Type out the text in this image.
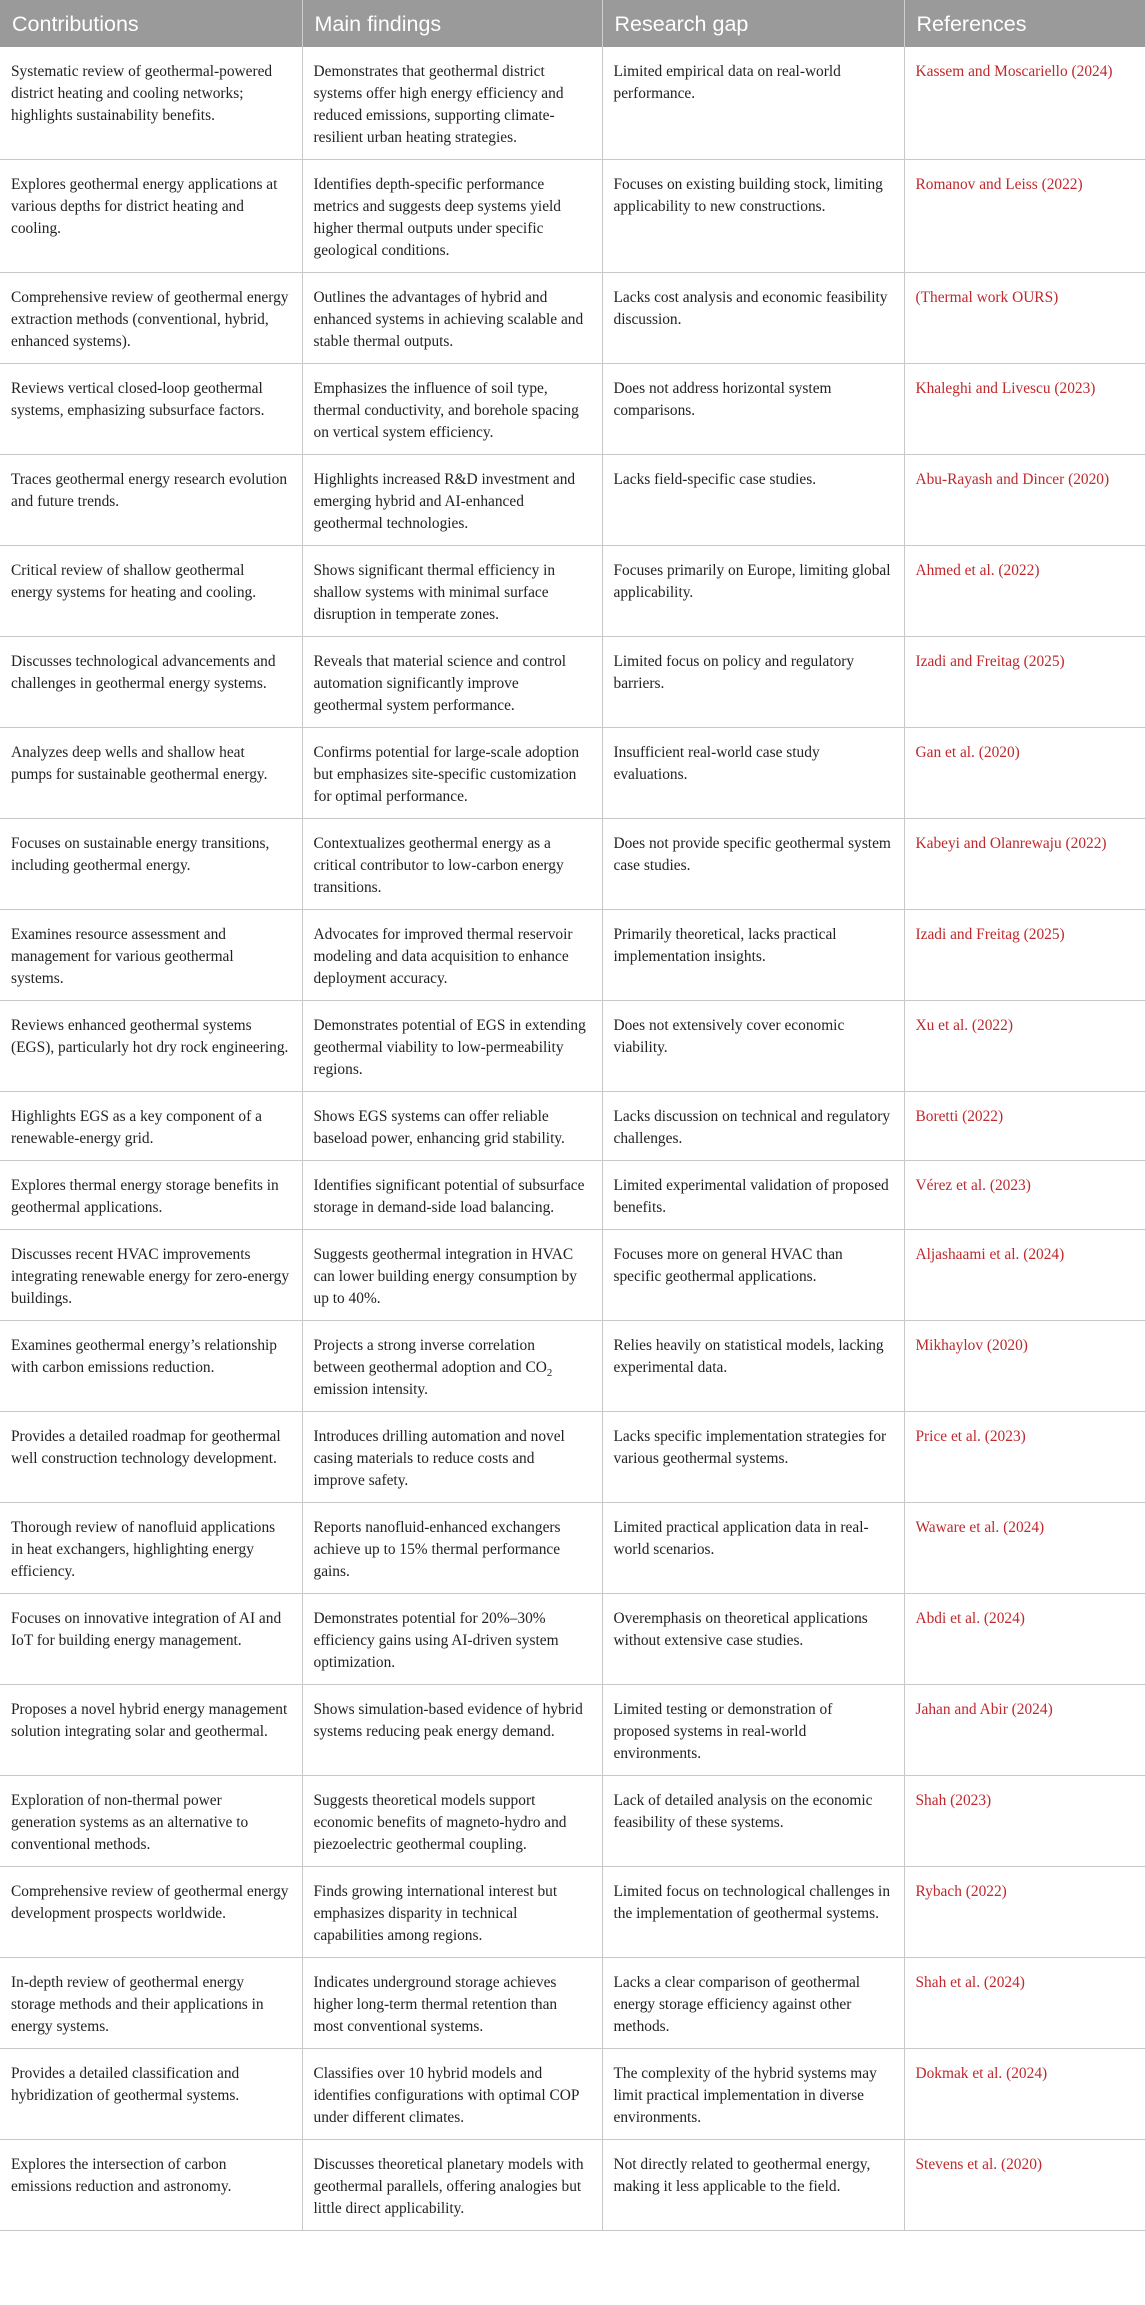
Contributions	Main findings	Research gap	References
Systematic review of geothermal-powered district heating and cooling networks; highlights sustainability benefits.	Demonstrates that geothermal district systems offer high energy efficiency and reduced emissions, supporting climate-resilient urban heating strategies.	Limited empirical data on real-world performance.	Kassem and Moscariello (2024)
Explores geothermal energy applications at various depths for district heating and cooling.	Identifies depth-specific performance metrics and suggests deep systems yield higher thermal outputs under specific geological conditions.	Focuses on existing building stock, limiting applicability to new constructions.	Romanov and Leiss (2022)
Comprehensive review of geothermal energy extraction methods (conventional, hybrid, enhanced systems).	Outlines the advantages of hybrid and enhanced systems in achieving scalable and stable thermal outputs.	Lacks cost analysis and economic feasibility discussion.	(Thermal work OURS)
Reviews vertical closed-loop geothermal systems, emphasizing subsurface factors.	Emphasizes the influence of soil type, thermal conductivity, and borehole spacing on vertical system efficiency.	Does not address horizontal system comparisons.	Khaleghi and Livescu (2023)
Traces geothermal energy research evolution and future trends.	Highlights increased R&D investment and emerging hybrid and AI-enhanced geothermal technologies.	Lacks field-specific case studies.	Abu-Rayash and Dincer (2020)
Critical review of shallow geothermal energy systems for heating and cooling.	Shows significant thermal efficiency in shallow systems with minimal surface disruption in temperate zones.	Focuses primarily on Europe, limiting global applicability.	Ahmed et al. (2022)
Discusses technological advancements and challenges in geothermal energy systems.	Reveals that material science and control automation significantly improve geothermal system performance.	Limited focus on policy and regulatory barriers.	Izadi and Freitag (2025)
Analyzes deep wells and shallow heat pumps for sustainable geothermal energy.	Confirms potential for large-scale adoption but emphasizes site-specific customization for optimal performance.	Insufficient real-world case study evaluations.	Gan et al. (2020)
Focuses on sustainable energy transitions, including geothermal energy.	Contextualizes geothermal energy as a critical contributor to low-carbon energy transitions.	Does not provide specific geothermal system case studies.	Kabeyi and Olanrewaju (2022)
Examines resource assessment and management for various geothermal systems.	Advocates for improved thermal reservoir modeling and data acquisition to enhance deployment accuracy.	Primarily theoretical, lacks practical implementation insights.	Izadi and Freitag (2025)
Reviews enhanced geothermal systems (EGS), particularly hot dry rock engineering.	Demonstrates potential of EGS in extending geothermal viability to low-permeability regions.	Does not extensively cover economic viability.	Xu et al. (2022)
Highlights EGS as a key component of a renewable-energy grid.	Shows EGS systems can offer reliable baseload power, enhancing grid stability.	Lacks discussion on technical and regulatory challenges.	Boretti (2022)
Explores thermal energy storage benefits in geothermal applications.	Identifies significant potential of subsurface storage in demand-side load balancing.	Limited experimental validation of proposed benefits.	Vérez et al. (2023)
Discusses recent HVAC improvements integrating renewable energy for zero-energy buildings.	Suggests geothermal integration in HVAC can lower building energy consumption by up to 40%.	Focuses more on general HVAC than specific geothermal applications.	Aljashaami et al. (2024)
Examines geothermal energy’s relationship with carbon emissions reduction.	Projects a strong inverse correlation between geothermal adoption and $CO_2$ emission intensity.	Relies heavily on statistical models, lacking experimental data.	Mikhaylov (2020)
Provides a detailed roadmap for geothermal well construction technology development.	Introduces drilling automation and novel casing materials to reduce costs and improve safety.	Lacks specific implementation strategies for various geothermal systems.	Price et al. (2023)
Thorough review of nanofluid applications in heat exchangers, highlighting energy efficiency.	Reports nanofluid-enhanced exchangers achieve up to 15% thermal performance gains.	Limited practical application data in real-world scenarios.	Waware et al. (2024)
Focuses on innovative integration of AI and IoT for building energy management.	Demonstrates potential for 20%–30% efficiency gains using AI-driven system optimization.	Overemphasis on theoretical applications without extensive case studies.	Abdi et al. (2024)
Proposes a novel hybrid energy management solution integrating solar and geothermal.	Shows simulation-based evidence of hybrid systems reducing peak energy demand.	Limited testing or demonstration of proposed systems in real-world environments.	Jahan and Abir (2024)
Exploration of non-thermal power generation systems as an alternative to conventional methods.	Suggests theoretical models support economic benefits of magneto-hydro and piezoelectric geothermal coupling.	Lack of detailed analysis on the economic feasibility of these systems.	Shah (2023)
Comprehensive review of geothermal energy development prospects worldwide.	Finds growing international interest but emphasizes disparity in technical capabilities among regions.	Limited focus on technological challenges in the implementation of geothermal systems.	Rybach (2022)
In-depth review of geothermal energy storage methods and their applications in energy systems.	Indicates underground storage achieves higher long-term thermal retention than most conventional systems.	Lacks a clear comparison of geothermal energy storage efficiency against other methods.	Shah et al. (2024)
Provides a detailed classification and hybridization of geothermal systems.	Classifies over 10 hybrid models and identifies configurations with optimal COP under different climates.	The complexity of the hybrid systems may limit practical implementation in diverse environments.	Dokmak et al. (2024)
Explores the intersection of carbon emissions reduction and astronomy.	Discusses theoretical planetary models with geothermal parallels, offering analogies but little direct applicability.	Not directly related to geothermal energy, making it less applicable to the field.	Stevens et al. (2020)
